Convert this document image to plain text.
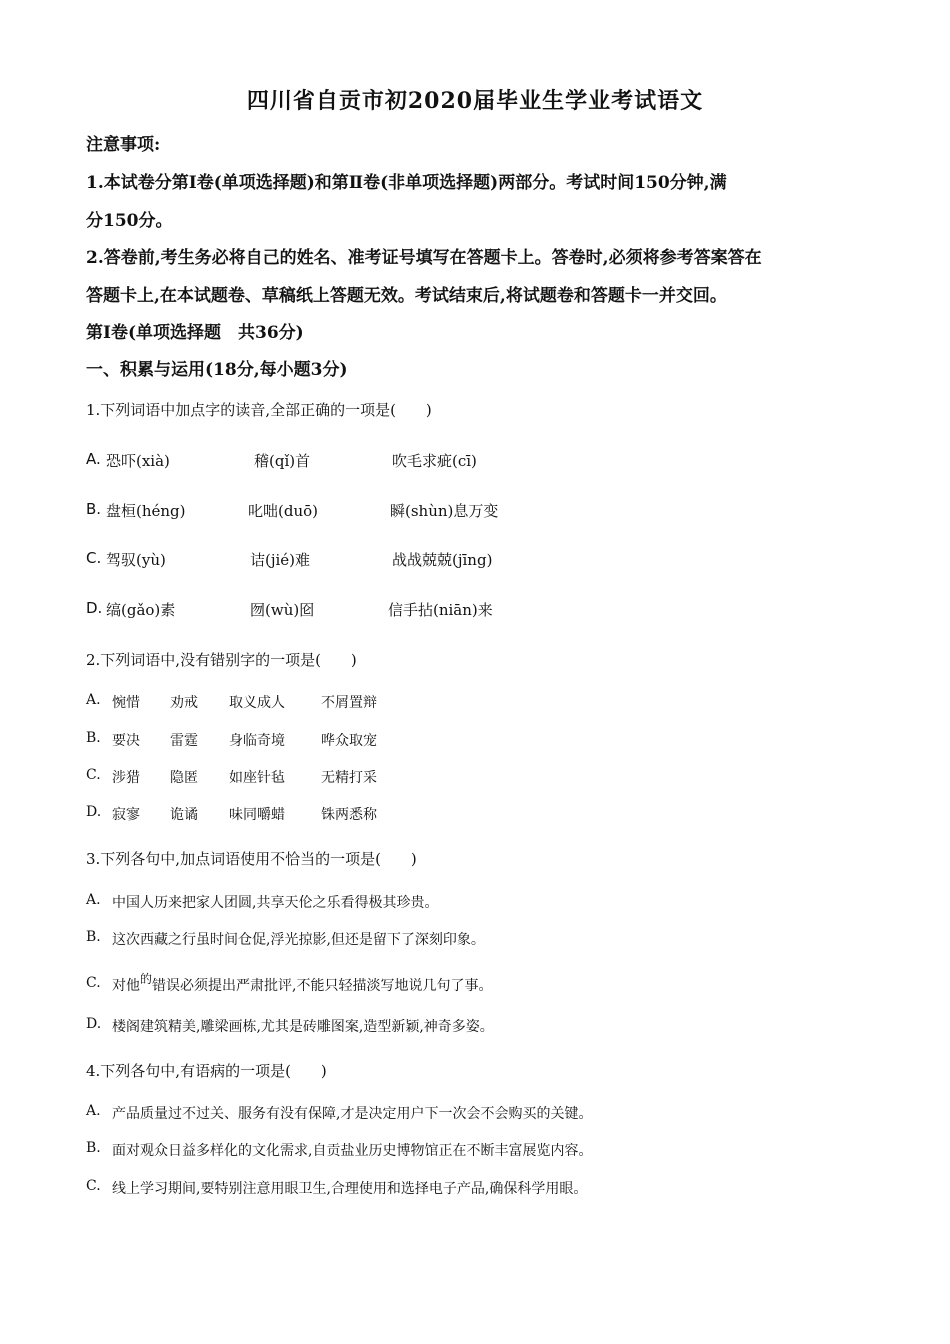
四川省自贡市初2020届毕业生学业考试语文
注意事项:
1.本试卷分第Ⅰ卷(单项选择题)和第Ⅱ卷(非单项选择题)两部分。考试时间150分钟,满
分150分。
2.答卷前,考生务必将自己的姓名、准考证号填写在答题卡上。答卷时,必须将参考答案答在
答题卡上,在本试题卷、草稿纸上答题无效。考试结束后,将试题卷和答题卡一并交回。
第Ⅰ卷(单项选择题　共36分)
一、积累与运用(18分,每小题3分)
1.下列词语中加点字的读音,全部正确的一项是(　　)
A. 恐吓(xià)	稽(qǐ)首	吹毛求疵(cī)
B. 盘桓(héng)	叱咄(duō)	瞬(shùn)息万变
C. 驾驭(yù)	诘(jié)难	战战兢兢(jīng)
D. 缟(gǎo)素	囫(wù)囵	信手拈(niān)来
2.下列词语中,没有错别字的一项是(　　)
A. 惋惜 劝戒 取义成人	不屑置辩
B. 要决 雷霆 身临奇境	哗众取宠
C. 涉猎 隐匿 如座针毡	无精打采
D. 寂寥 诡谲 味同嚼蜡	铢两悉称
3.下列各句中,加点词语使用不恰当的一项是(　　)
A. 中国人历来把家人团圆,共享天伦之乐看得极其珍贵。
B. 这次西藏之行虽时间仓促,浮光掠影,但还是留下了深刻印象。
C. 对他的错误必须提出严肃批评,不能只轻描淡写地说几句了事。
D. 楼阁建筑精美,雕梁画栋,尤其是砖雕图案,造型新颖,神奇多姿。
4.下列各句中,有语病的一项是(　　)
A. 产品质量过不过关、服务有没有保障,才是决定用户下一次会不会购买的关键。
B. 面对观众日益多样化的文化需求,自贡盐业历史博物馆正在不断丰富展览内容。
C. 线上学习期间,要特别注意用眼卫生,合理使用和选择电子产品,确保科学用眼。
